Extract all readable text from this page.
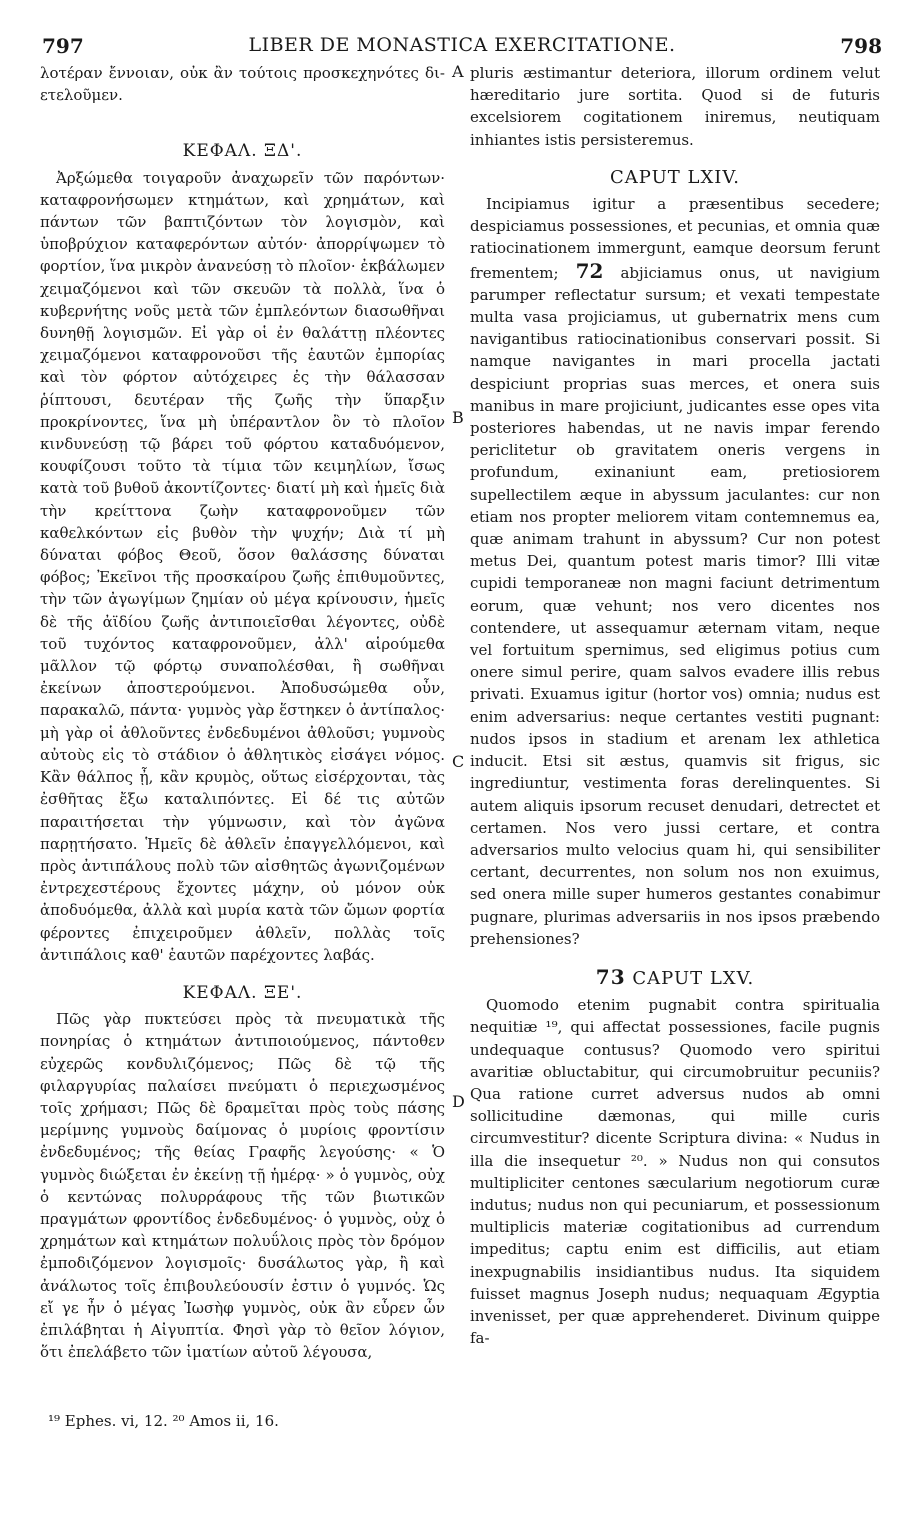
797	LIBER DE MONASTICA EXERCITATIONE.	798

λοτέραν ἔννοιαν, οὐκ ἂν τούτοις προσκεχηνότες δι- ετελοῦμεν.

ΚΕΦΑΛ. ΞΔ'.

Ἀρξώμεθα τοιγαροῦν ἀναχωρεῖν τῶν παρόντων· καταφρονήσωμεν κτημάτων, καὶ χρημάτων, καὶ πάντων τῶν βαπτιζόντων τὸν λογισμὸν, καὶ ὑποβρύχιον καταφερόντων αὐτόν· ἀπορρίψωμεν τὸ φορτίον, ἵνα μικρὸν ἀνανεύσῃ τὸ πλοῖον· ἐκβάλωμεν χειμαζόμενοι καὶ τῶν σκευῶν τὰ πολλὰ, ἵνα ὁ κυβερνήτης νοῦς μετὰ τῶν ἐμπλεόντων διασωθῆναι δυνηθῇ λογισμῶν. Εἰ γὰρ οἱ ἐν θαλάττῃ πλέοντες χειμαζόμενοι καταφρονοῦσι τῆς ἑαυτῶν ἐμπορίας καὶ τὸν φόρτον αὐτόχειρες ἐς τὴν θάλασσαν ῥίπτουσι, δευτέραν τῆς ζωῆς τὴν ὕπαρξιν προκρίνοντες, ἵνα μὴ ὑπέραντλον ὂν τὸ πλοῖον κινδυνεύσῃ τῷ βάρει τοῦ φόρτου καταδυόμενον, κουφίζουσι τοῦτο τὰ τίμια τῶν κειμηλίων, ἴσως κατὰ τοῦ βυθοῦ ἀκοντίζοντες· διατί μὴ καὶ ἡμεῖς διὰ τὴν κρείττονα ζωὴν καταφρονοῦμεν τῶν καθελκόντων εἰς βυθὸν τὴν ψυχήν; Διὰ τί μὴ δύναται φόβος Θεοῦ, ὅσον θαλάσσης δύναται φόβος; Ἐκεῖνοι τῆς προσκαίρου ζωῆς ἐπιθυμοῦντες, τὴν τῶν ἀγωγίμων ζημίαν οὐ μέγα κρίνουσιν, ἡμεῖς δὲ τῆς ἀϊδίου ζωῆς ἀντιποιεῖσθαι λέγοντες, οὐδὲ τοῦ τυχόντος καταφρονοῦμεν, ἀλλ' αἱρούμεθα μᾶλλον τῷ φόρτῳ συναπολέσθαι, ἢ σωθῆναι ἐκείνων ἀποστερούμενοι. Ἀποδυσώμεθα οὖν, παρακαλῶ, πάντα· γυμνὸς γὰρ ἕστηκεν ὁ ἀντίπαλος· μὴ γὰρ οἱ ἀθλοῦντες ἐνδεδυμένοι ἀθλοῦσι; γυμνοὺς αὐτοὺς εἰς τὸ στάδιον ὁ ἀθλητικὸς εἰσάγει νόμος. Κἂν θάλπος ᾖ, κἂν κρυμὸς, οὕτως εἰσέρχονται, τὰς ἐσθῆτας ἔξω καταλιπόντες. Εἰ δέ τις αὐτῶν παραιτήσεται τὴν γύμνωσιν, καὶ τὸν ἀγῶνα παρῃτήσατο. Ἡμεῖς δὲ ἀθλεῖν ἐπαγγελλόμενοι, καὶ πρὸς ἀντιπάλους πολὺ τῶν αἰσθητῶς ἀγωνιζομένων ἐντρεχεστέρους ἔχοντες μάχην, οὐ μόνον οὐκ ἀποδυόμεθα, ἀλλὰ καὶ μυρία κατὰ τῶν ὤμων φορτία φέροντες ἐπιχειροῦμεν ἀθλεῖν, πολλὰς τοῖς ἀντιπάλοις καθ' ἑαυτῶν παρέχοντες λαβάς.

ΚΕΦΑΛ. ΞΕ'.

Πῶς γὰρ πυκτεύσει πρὸς τὰ πνευματικὰ τῆς πονηρίας ὁ κτημάτων ἀντιποιούμενος, πάντοθεν εὐχερῶς κονδυλιζόμενος; Πῶς δὲ τῷ τῆς φιλαργυρίας παλαίσει πνεύματι ὁ περιεχωσμένος τοῖς χρήμασι; Πῶς δὲ δραμεῖται πρὸς τοὺς πάσης μερίμνης γυμνοὺς δαίμονας ὁ μυρίοις φροντίσιν ἐνδεδυμένος; τῆς θείας Γραφῆς λεγούσης· « Ὁ γυμνὸς διώξεται ἐν ἐκείνῃ τῇ ἡμέρᾳ· » ὁ γυμνὸς, οὐχ ὁ κεντώνας πολυρράφους τῆς τῶν βιωτικῶν πραγμάτων φροντίδος ἐνδεδυμένος· ὁ γυμνὸς, οὐχ ὁ χρημάτων καὶ κτημάτων πολυΰλοις πρὸς τὸν δρόμον ἐμποδιζόμενον λογισμοῖς· δυσάλωτος γὰρ, ἢ καὶ ἀνάλωτος τοῖς ἐπιβουλεύουσίν ἐστιν ὁ γυμνός. Ὡς εἴ γε ἦν ὁ μέγας Ἰωσὴφ γυμνὸς, οὐκ ἂν εὗρεν ὧν ἐπιλάβηται ἡ Αἰγυπτία. Φησὶ γὰρ τὸ θεῖον λόγιον, ὅτι ἐπελάβετο τῶν ἱματίων αὐτοῦ λέγουσα,

pluris æstimantur deteriora, illorum ordinem velut hæreditario jure sortita. Quod si de futuris excelsiorem cogitationem iniremus, neutiquam inhiantes istis persisteremus.

CAPUT LXIV.

Incipiamus igitur a præsentibus secedere; despiciamus possessiones, et pecunias, et omnia quæ ratiocinationem immergunt, eamque deorsum ferunt frementem; 72 abjiciamus onus, ut navigium parumper reflectatur sursum; et vexati tempestate multa vasa projiciamus, ut gubernatrix mens cum navigantibus ratiocinationibus conservari possit. Si namque navigantes in mari procella jactati despiciunt proprias suas merces, et onera suis manibus in mare projiciunt, judicantes esse opes vita posteriores habendas, ut ne navis impar ferendo periclitetur ob gravitatem oneris vergens in profundum, exinaniunt eam, pretiosiorem supellectilem æque in abyssum jaculantes: cur non etiam nos propter meliorem vitam contemnemus ea, quæ animam trahunt in abyssum? Cur non potest metus Dei, quantum potest maris timor? Illi vitæ cupidi temporaneæ non magni faciunt detrimentum eorum, quæ vehunt; nos vero dicentes nos contendere, ut assequamur æternam vitam, neque vel fortuitum spernimus, sed eligimus potius cum onere simul perire, quam salvos evadere illis rebus privati. Exuamus igitur (hortor vos) omnia; nudus est enim adversarius: neque certantes vestiti pugnant: nudos ipsos in stadium et arenam lex athletica inducit. Etsi sit æstus, quamvis sit frigus, sic ingrediuntur, vestimenta foras derelinquentes. Si autem aliquis ipsorum recuset denudari, detrectet et certamen. Nos vero jussi certare, et contra adversarios multo velocius quam hi, qui sensibiliter certant, decurrentes, non solum nos non exuimus, sed onera mille super humeros gestantes conabimur pugnare, plurimas adversariis in nos ipsos præbendo prehensiones?

73 CAPUT LXV.

Quomodo etenim pugnabit contra spiritualia nequitiæ ¹⁹, qui affectat possessiones, facile pugnis undequaque contusus? Quomodo vero spiritui avaritiæ obluctabitur, qui circumobruitur pecuniis? Qua ratione curret adversus nudos ab omni sollicitudine dæmonas, qui mille curis circumvestitur? dicente Scriptura divina: « Nudus in illa die insequetur ²⁰. » Nudus non qui consutos multipliciter centones sæcularium negotiorum curæ indutus; nudus non qui pecuniarum, et possessionum multiplicis materiæ cogitationibus ad currendum impeditus; captu enim est difficilis, aut etiam inexpugnabilis insidiantibus nudus. Ita siquidem fuisset magnus Joseph nudus; nequaquam Ægyptia invenisset, per quæ apprehenderet. Divinum quippe fa-

A
B
C
D
¹⁹ Ephes. vi, 12. ²⁰ Amos ii, 16.
